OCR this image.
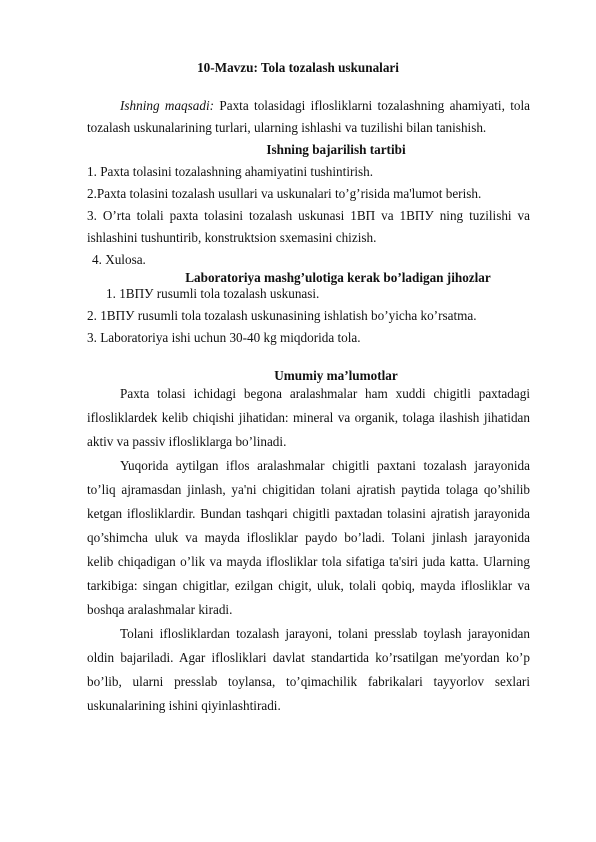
10-Mavzu: Tola tozalash uskunalari
Ishning maqsadi: Paxta tolasidagi iflosliklarni tozalashning ahamiyati, tola
tozalash uskunalarining turlari, ularning ishlashi va tuzilishi bilan tanishish.
Ishning bajarilish tartibi
1. Paxta tolasini tozalashning ahamiyatini tushintirish.
2.Paxta tolasini tozalash usullari va uskunalari to’g’risida ma'lumot berish.
3. O’rta tolali paxta tolasini tozalash uskunasi 1ВП va 1ВПУ ning tuzilishi va
ishlashini tushuntirib, konstruktsion sxemasini chizish.
4. Xulosa.
Laboratoriya mashg’ulotiga kerak bo’ladigan jihozlar
1. 1ВПУ rusumli tola tozalash uskunasi.
2. 1ВПУ rusumli tola tozalash uskunasining ishlatish bo’yicha ko’rsatma.
3. Laboratoriya ishi uchun 30-40 kg miqdorida tola.
Umumiy ma’lumotlar
Paxta tolasi ichidagi begona aralashmalar ham xuddi chigitli paxtadagi
iflosliklardek kelib chiqishi jihatidan: mineral va organik, tolaga ilashish jihatidan
aktiv va passiv iflosliklarga bo’linadi.
Yuqorida aytilgan iflos aralashmalar chigitli paxtani tozalash jarayonida
to’liq ajramasdan jinlash, ya'ni chigitidan tolani ajratish paytida tolaga qo’shilib
ketgan iflosliklardir. Bundan tashqari chigitli paxtadan tolasini ajratish jarayonida
qo’shimcha uluk va mayda iflosliklar paydo bo’ladi. Tolani jinlash jarayonida
kelib chiqadigan o’lik va mayda iflosliklar tola sifatiga ta'siri juda katta. Ularning
tarkibiga: singan chigitlar, ezilgan chigit, uluk, tolali qobiq, mayda iflosliklar va
boshqa aralashmalar kiradi.
Tolani iflosliklardan tozalash jarayoni, tolani presslab toylash jarayonidan
oldin bajariladi. Agar iflosliklari davlat standartida ko’rsatilgan me'yordan ko’p
bo’lib, ularni presslab toylansa, to’qimachilik fabrikalari tayyorlov sexlari
uskunalarining ishini qiyinlashtiradi.
